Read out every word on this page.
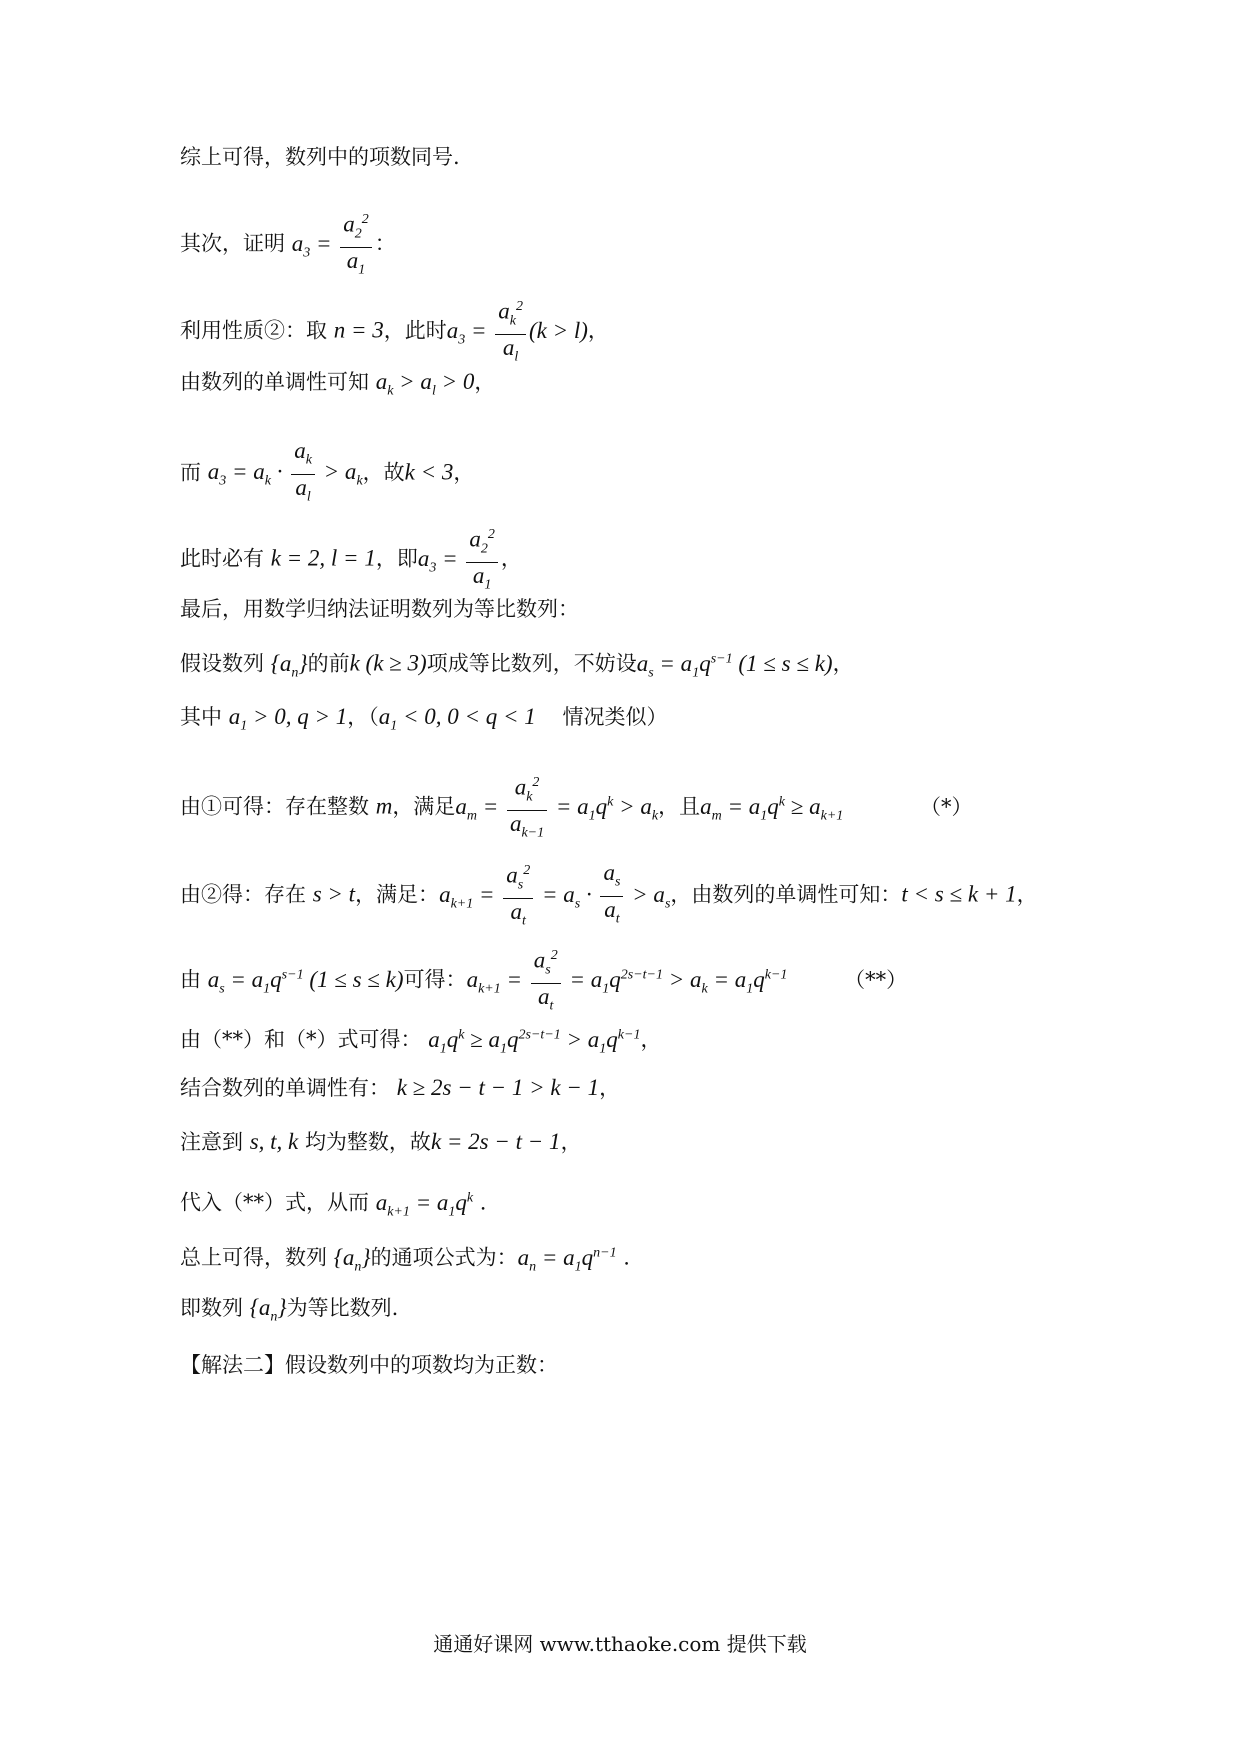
综上可得，数列中的项数同号.
其次，证明 $a_3 = \frac{a_2^2}{a_1}$ ：
利用性质②：取 n = 3，此时$a_3 = \frac{a_k^2}{a_l} (k > l)$，
由数列的单调性可知 $a_k > a_l > 0$，
而 $a_3 = a_k \cdot \frac{a_k}{a_l} > a_k$，故k < 3，
此时必有 k = 2, l = 1，即$a_3 = \frac{a_2^2}{a_1}$ ，
最后，用数学归纳法证明数列为等比数列：
假设数列 $\{a_n\}$的前k (k ≥ 3)项成等比数列，不妨设$a_s = a_1q^{s-1}$ (1 ≤ s ≤ k)，
其中 $a_1 > 0$, q > 1，（$a_1 < 0$, 0 < q < 1 情况类似）
由①可得：存在整数 m，满足$a_m = \frac{a_k^2}{a_{k-1}} = a_1q^k > a_k$，且$a_m = a_1q^k \ge a_{k+1}$	（*）
由②得：存在 s > t，满足：$a_{k+1} = \frac{a_s^2}{a_t} = a_s \cdot \frac{a_s}{a_t} > a_s$，由数列的单调性可知：t < s ≤ k + 1，
由 $a_s = a_1q^{s-1}$ (1 ≤ s ≤ k)可得：$a_{k+1} = \frac{a_s^2}{a_t} = a_1q^{2s-t-1} > a_k = a_1q^{k-1}$	（**）
由（**）和（*）式可得： $a_1q^k \ge a_1q^{2s-t-1} > a_1q^{k-1}$，
结合数列的单调性有： k ≥ 2s − t − 1 > k − 1，
注意到 s, t, k 均为整数，故k = 2s − t − 1，
代入（**）式，从而 $a_{k+1} = a_1q^k$ .
总上可得，数列 $\{a_n\}$的通项公式为：$a_n = a_1q^{n-1}$ .
即数列 $\{a_n\}$为等比数列.
【解法二】假设数列中的项数均为正数：
通通好课网 www.tthaoke.com 提供下载
